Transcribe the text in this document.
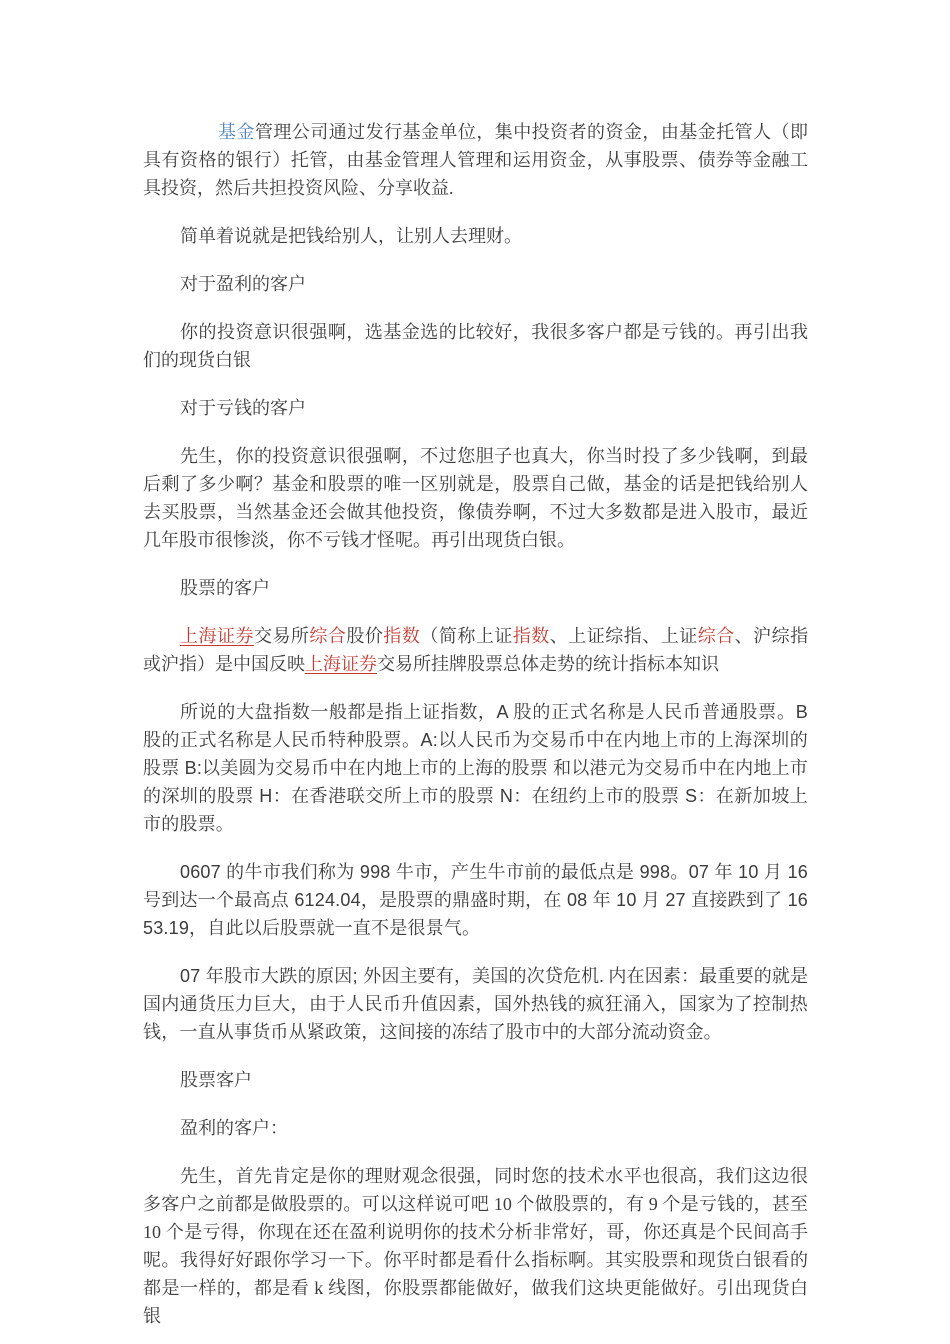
基金管理公司通过发行基金单位，集中投资者的资金，由基金托管人（即具有资格的银行）托管，由基金管理人管理和运用资金，从事股票、债券等金融工具投资，然后共担投资风险、分享收益.

简单着说就是把钱给别人，让别人去理财。

对于盈利的客户

你的投资意识很强啊，选基金选的比较好，我很多客户都是亏钱的。再引出我们的现货白银

对于亏钱的客户

先生，你的投资意识很强啊，不过您胆子也真大，你当时投了多少钱啊，到最后剩了多少啊？基金和股票的唯一区别就是，股票自己做，基金的话是把钱给别人去买股票，当然基金还会做其他投资，像债券啊，不过大多数都是进入股市，最近几年股市很惨淡，你不亏钱才怪呢。再引出现货白银。

股票的客户

上海证券交易所综合股价指数（简称上证指数、上证综指、上证综合、沪综指或沪指）是中国反映上海证券交易所挂牌股票总体走势的统计指标本知识

所说的大盘指数一般都是指上证指数，A 股的正式名称是人民币普通股票。B 股的正式名称是人民币特种股票。A:以人民币为交易币中在内地上市的上海深圳的股票 B:以美圆为交易币中在内地上市的上海的股票 和以港元为交易币中在内地上市的深圳的股票 H：在香港联交所上市的股票 N：在纽约上市的股票 S：在新加坡上市的股票。

0607 的牛市我们称为 998 牛市，产生牛市前的最低点是 998。07 年 10 月 16 号到达一个最高点 6124.04，是股票的鼎盛时期，在 08 年 10 月 27 直接跌到了 1653.19，自此以后股票就一直不是很景气。

07 年股市大跌的原因; 外因主要有，美国的次贷危机. 内在因素：最重要的就是国内通货压力巨大，由于人民币升值因素，国外热钱的疯狂涌入，国家为了控制热钱，一直从事货币从紧政策，这间接的冻结了股市中的大部分流动资金。

股票客户

盈利的客户：

先生，首先肯定是你的理财观念很强，同时您的技术水平也很高，我们这边很多客户之前都是做股票的。可以这样说可吧 10 个做股票的，有 9 个是亏钱的，甚至 10 个是亏得，你现在还在盈利说明你的技术分析非常好，哥，你还真是个民间高手呢。我得好好跟你学习一下。你平时都是看什么指标啊。其实股票和现货白银看的都是一样的，都是看 k 线图，你股票都能做好，做我们这块更能做好。引出现货白银
